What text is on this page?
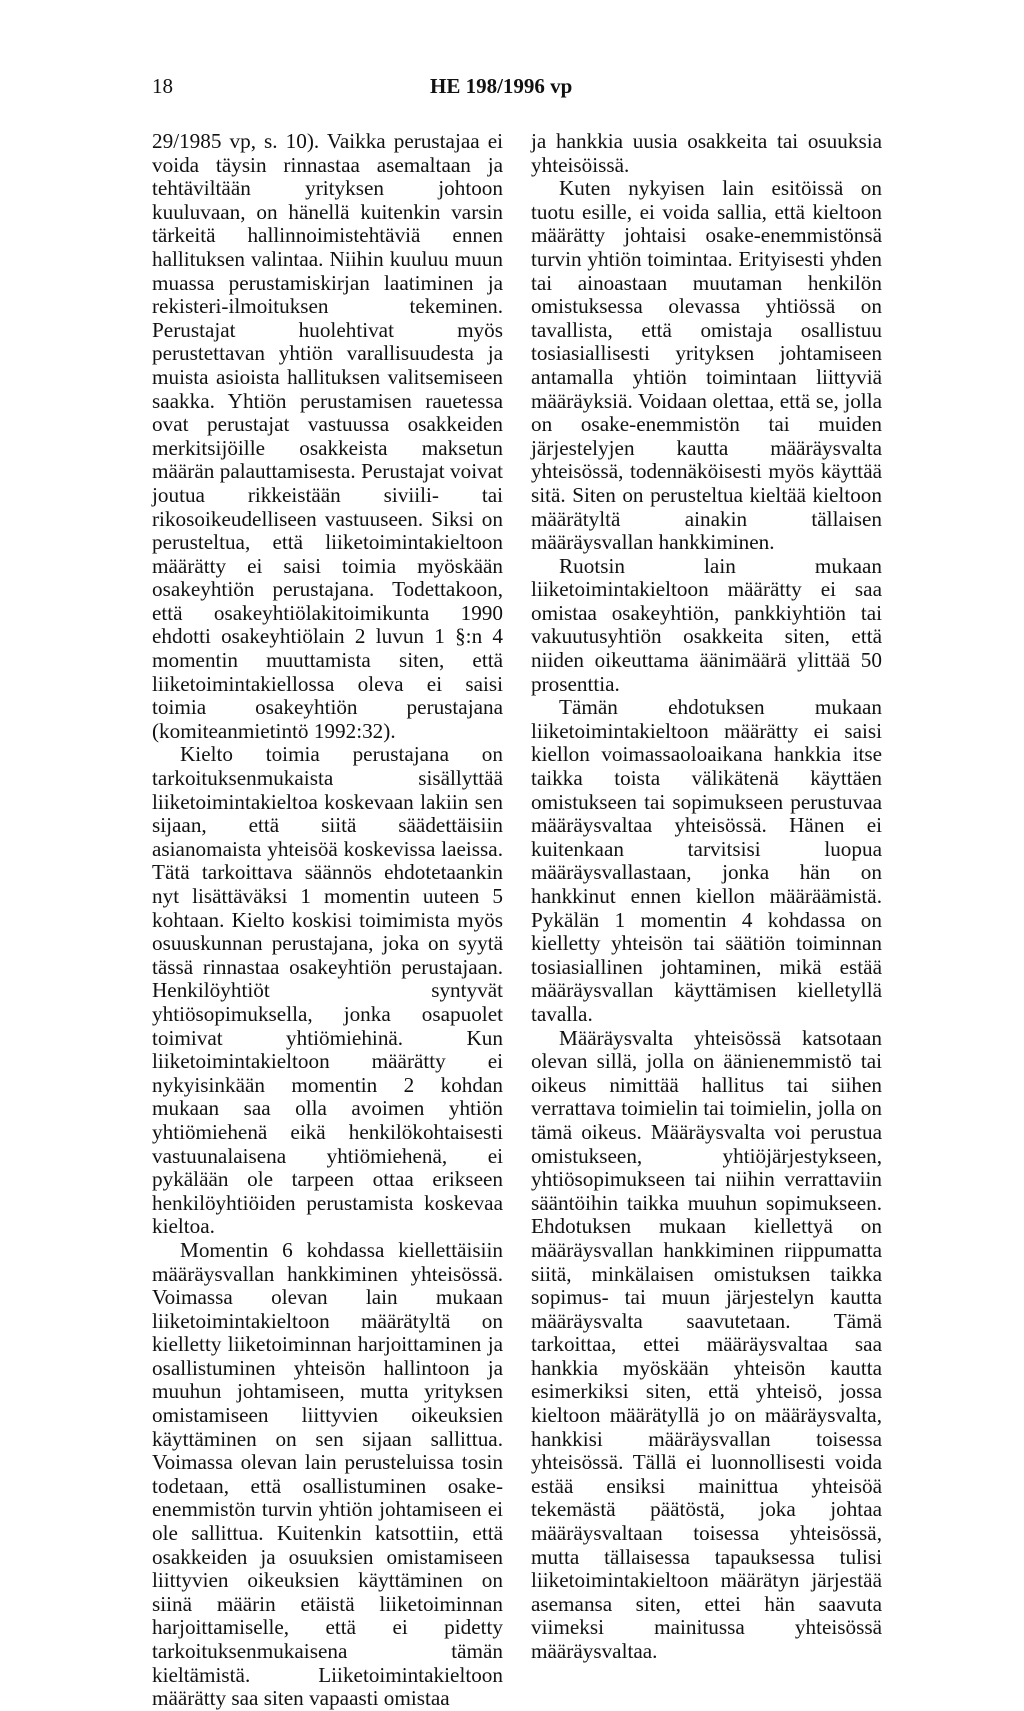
18	HE 198/1996 vp

29/1985 vp, s. 10). Vaikka perustajaa ei voida täysin rinnastaa asemaltaan ja tehtäviltään yrityksen johtoon kuuluvaan, on hänellä kuitenkin varsin tärkeitä hallinnoimistehtäviä ennen hallituksen valintaa. Niihin kuuluu muun muassa perustamiskirjan laatiminen ja rekisteri-ilmoituksen tekeminen. Perustajat huolehtivat myös perustettavan yhtiön varallisuudesta ja muista asioista hallituksen valitsemiseen saakka. Yhtiön perustamisen rauetessa ovat perustajat vastuussa osakkeiden merkitsijöille osakkeista maksetun määrän palauttamisesta. Perustajat voivat joutua rikkeistään siviili- tai rikosoikeudelliseen vastuuseen. Siksi on perusteltua, että liiketoimintakieltoon määrätty ei saisi toimia myöskään osakeyhtiön perustajana. Todettakoon, että osakeyhtiölakitoimikunta 1990 ehdotti osakeyhtiölain 2 luvun 1 §:n 4 momentin muuttamista siten, että liiketoimintakiellossa oleva ei saisi toimia osakeyhtiön perustajana (komiteanmietintö 1992:32).

Kielto toimia perustajana on tarkoituksenmukaista sisällyttää liiketoimintakieltoa koskevaan lakiin sen sijaan, että siitä säädettäisiin asianomaista yhteisöä koskevissa laeissa. Tätä tarkoittava säännös ehdotetaankin nyt lisättäväksi 1 momentin uuteen 5 kohtaan. Kielto koskisi toimimista myös osuuskunnan perustajana, joka on syytä tässä rinnastaa osakeyhtiön perustajaan. Henkilöyhtiöt syntyvät yhtiösopimuksella, jonka osapuolet toimivat yhtiömiehinä. Kun liiketoimintakieltoon määrätty ei nykyisinkään momentin 2 kohdan mukaan saa olla avoimen yhtiön yhtiömiehenä eikä henkilökohtaisesti vastuunalaisena yhtiömiehenä, ei pykälään ole tarpeen ottaa erikseen henkilöyhtiöiden perustamista koskevaa kieltoa.

Momentin 6 kohdassa kiellettäisiin määräysvallan hankkiminen yhteisössä. Voimassa olevan lain mukaan liiketoimintakieltoon määrätyltä on kielletty liiketoiminnan harjoittaminen ja osallistuminen yhteisön hallintoon ja muuhun johtamiseen, mutta yrityksen omistamiseen liittyvien oikeuksien käyttäminen on sen sijaan sallittua. Voimassa olevan lain perusteluissa tosin todetaan, että osallistuminen osake-enemmistön turvin yhtiön johtamiseen ei ole sallittua. Kuitenkin katsottiin, että osakkeiden ja osuuksien omistamiseen liittyvien oikeuksien käyttäminen on siinä määrin etäistä liiketoiminnan harjoittamiselle, että ei pidetty tarkoituksenmukaisena tämän kieltämistä. Liiketoimintakieltoon määrätty saa siten vapaasti omistaa

ja hankkia uusia osakkeita tai osuuksia yhteisöissä.

Kuten nykyisen lain esitöissä on tuotu esille, ei voida sallia, että kieltoon määrätty johtaisi osake-enemmistönsä turvin yhtiön toimintaa. Erityisesti yhden tai ainoastaan muutaman henkilön omistuksessa olevassa yhtiössä on tavallista, että omistaja osallistuu tosiasiallisesti yrityksen johtamiseen antamalla yhtiön toimintaan liittyviä määräyksiä. Voidaan olettaa, että se, jolla on osake-enemmistön tai muiden järjestelyjen kautta määräysvalta yhteisössä, todennäköisesti myös käyttää sitä. Siten on perusteltua kieltää kieltoon määrätyltä ainakin tällaisen määräysvallan hankkiminen.

Ruotsin lain mukaan liiketoimintakieltoon määrätty ei saa omistaa osakeyhtiön, pankkiyhtiön tai vakuutusyhtiön osakkeita siten, että niiden oikeuttama äänimäärä ylittää 50 prosenttia.

Tämän ehdotuksen mukaan liiketoimintakieltoon määrätty ei saisi kiellon voimassaoloaikana hankkia itse taikka toista välikätenä käyttäen omistukseen tai sopimukseen perustuvaa määräysvaltaa yhteisössä. Hänen ei kuitenkaan tarvitsisi luopua määräysvallastaan, jonka hän on hankkinut ennen kiellon määräämistä. Pykälän 1 momentin 4 kohdassa on kielletty yhteisön tai säätiön toiminnan tosiasiallinen johtaminen, mikä estää määräysvallan käyttämisen kielletyllä tavalla.

Määräysvalta yhteisössä katsotaan olevan sillä, jolla on äänienemmistö tai oikeus nimittää hallitus tai siihen verrattava toimielin tai toimielin, jolla on tämä oikeus. Määräysvalta voi perustua omistukseen, yhtiöjärjestykseen, yhtiösopimukseen tai niihin verrattaviin sääntöihin taikka muuhun sopimukseen. Ehdotuksen mukaan kiellettyä on määräysvallan hankkiminen riippumatta siitä, minkälaisen omistuksen taikka sopimus- tai muun järjestelyn kautta määräysvalta saavutetaan. Tämä tarkoittaa, ettei määräysvaltaa saa hankkia myöskään yhteisön kautta esimerkiksi siten, että yhteisö, jossa kieltoon määrätyllä jo on määräysvalta, hankkisi määräysvallan toisessa yhteisössä. Tällä ei luonnollisesti voida estää ensiksi mainittua yhteisöä tekemästä päätöstä, joka johtaa määräysvaltaan toisessa yhteisössä, mutta tällaisessa tapauksessa tulisi liiketoimintakieltoon määrätyn järjestää asemansa siten, ettei hän saavuta viimeksi mainitussa yhteisössä määräysvaltaa.
